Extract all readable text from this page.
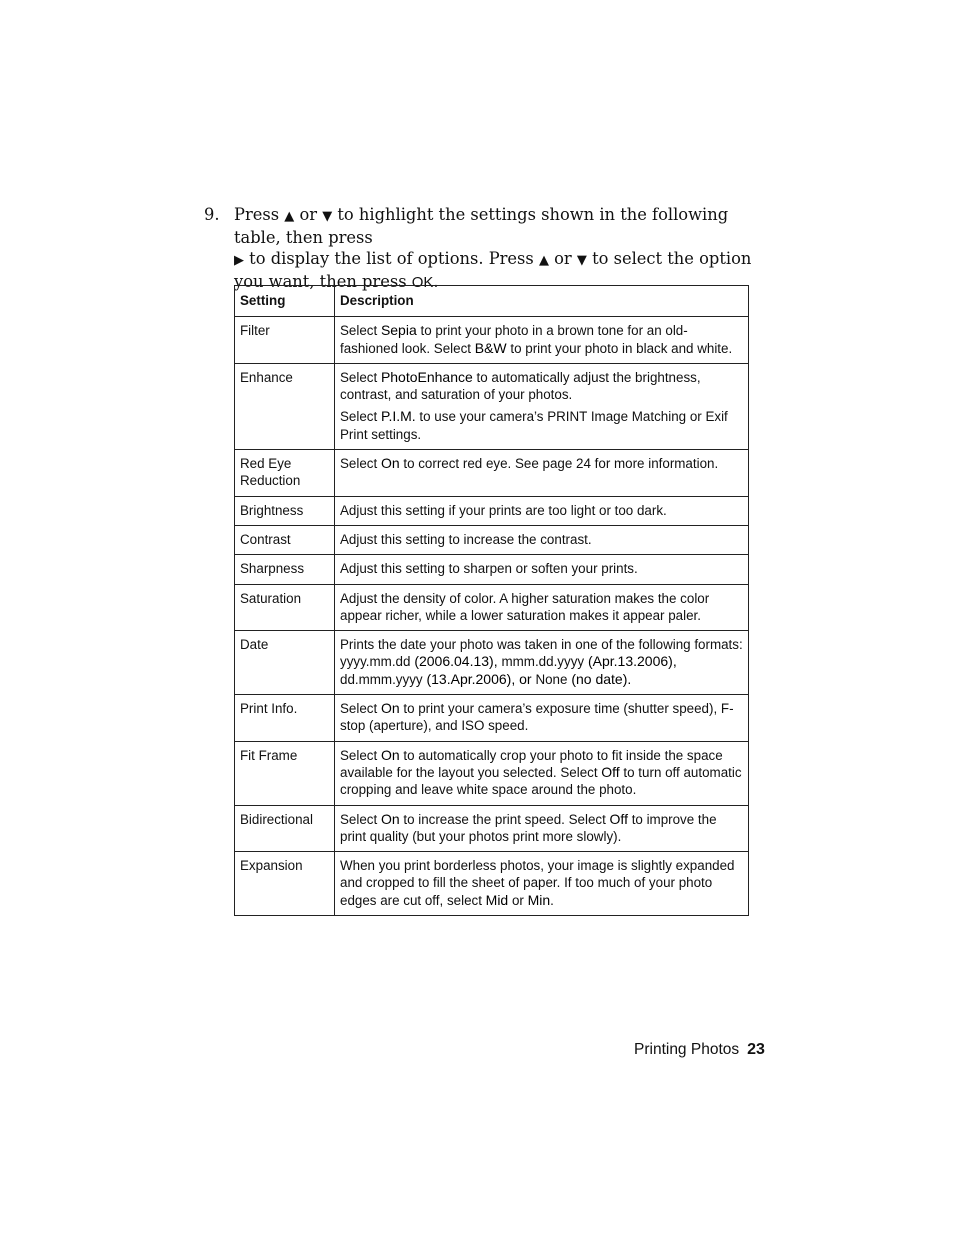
9. Press ▲ or ▼ to highlight the settings shown in the following table, then press
▶ to display the list of options. Press ▲ or ▼ to select the option you want, then press OK.
Setting	Description
Filter	Select Sepia to print your photo in a brown tone for an old-fashioned look. Select B&W to print your photo in black and white.

Enhance	Select PhotoEnhance to automatically adjust the brightness, contrast, and saturation of your photos.
Select P.I.M. to use your camera’s PRINT Image Matching or Exif Print settings.

Red Eye Reduction	Select On to correct red eye. See page 24 for more information.

Brightness	Adjust this setting if your prints are too light or too dark.

Contrast	Adjust this setting to increase the contrast.

Sharpness	Adjust this setting to sharpen or soften your prints.

Saturation	Adjust the density of color. A higher saturation makes the color appear richer, while a lower saturation makes it appear paler.

Date	Prints the date your photo was taken in one of the following formats:
yyyy.mm.dd (2006.04.13), mmm.dd.yyyy (Apr.13.2006), dd.mmm.yyyy (13.Apr.2006), or None (no date).

Print Info.	Select On to print your camera’s exposure time (shutter speed), F-stop (aperture), and ISO speed.

Fit Frame	Select On to automatically crop your photo to fit inside the space available for the layout you selected. Select Off to turn off automatic cropping and leave white space around the photo.

Bidirectional	Select On to increase the print speed. Select Off to improve the print quality (but your photos print more slowly).

Expansion	When you print borderless photos, your image is slightly expanded and cropped to fill the sheet of paper. If too much of your photo edges are cut off, select Mid or Min.
Printing Photos 23
